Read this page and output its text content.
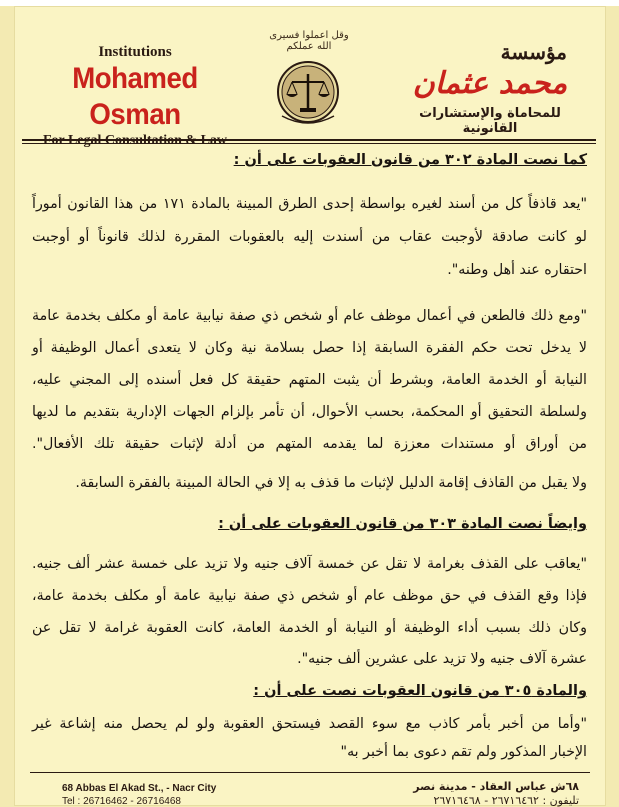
Institutions
Mohamed Osman
وقل اعملوا فسيرى الله عملكم	مؤسسة
محمد عثمان
للمحاماة والإستشارات القانونية
كما نصت المادة ٣٠٢ من قانون العقوبات على أن :
"يعد قاذفاً كل من أسند لغيره بواسطة إحدى الطرق المبينة بالمادة ١٧١ من هذا القانون أموراً
لو كانت صادقة لأوجبت عقاب من أسندت إليه بالعقوبات المقررة لذلك قانوناً أو أوجبت
احتقاره عند أهل وطنه".
"ومع ذلك فالطعن في أعمال موظف عام أو شخص ذي صفة نيابية عامة أو مكلف بخدمة عامة
لا يدخل تحت حكم الفقرة السابقة إذا حصل بسلامة نية وكان لا يتعدى أعمال الوظيفة أو
النيابة أو الخدمة العامة، وبشرط أن يثبت المتهم حقيقة كل فعل أسنده إلى المجني عليه،
ولسلطة التحقيق أو المحكمة، بحسب الأحوال، أن تأمر بإلزام الجهات الإدارية بتقديم ما لديها
من أوراق أو مستندات معززة لما يقدمه المتهم من أدلة لإثبات حقيقة تلك الأفعال".
ولا يقبل من القاذف إقامة الدليل لإثبات ما قذف به إلا في الحالة المبينة بالفقرة السابقة.
وايضاً نصت المادة ٣٠٣ من قانون العقوبات على أن :
"يعاقب على القذف بغرامة لا تقل عن خمسة آلاف جنيه ولا تزيد على خمسة عشر ألف جنيه.
فإذا وقع القذف في حق موظف عام أو شخص ذي صفة نيابية عامة أو مكلف بخدمة عامة،
وكان ذلك بسبب أداء الوظيفة أو النيابة أو الخدمة العامة، كانت العقوبة غرامة لا تقل عن
عشرة آلاف جنيه ولا تزيد على عشرين ألف جنيه".
والمادة ٣٠٥ من قانون العقوبات نصت على أن :
"وأما من أخبر بأمر كاذب مع سوء القصد فيستحق العقوبة ولو لم يحصل منه إشاعة غير
الإخبار المذكور ولم تقم دعوى بما أخبر به"
68 Abbas El Akad St., - Nacr City
Tel : 26716462 - 26716468
٦٨ش عباس العقاد - مدينة نصر
تليفون : ٢٦٧١٦٤٦٢ - ٢٦٧١٦٤٦٨
